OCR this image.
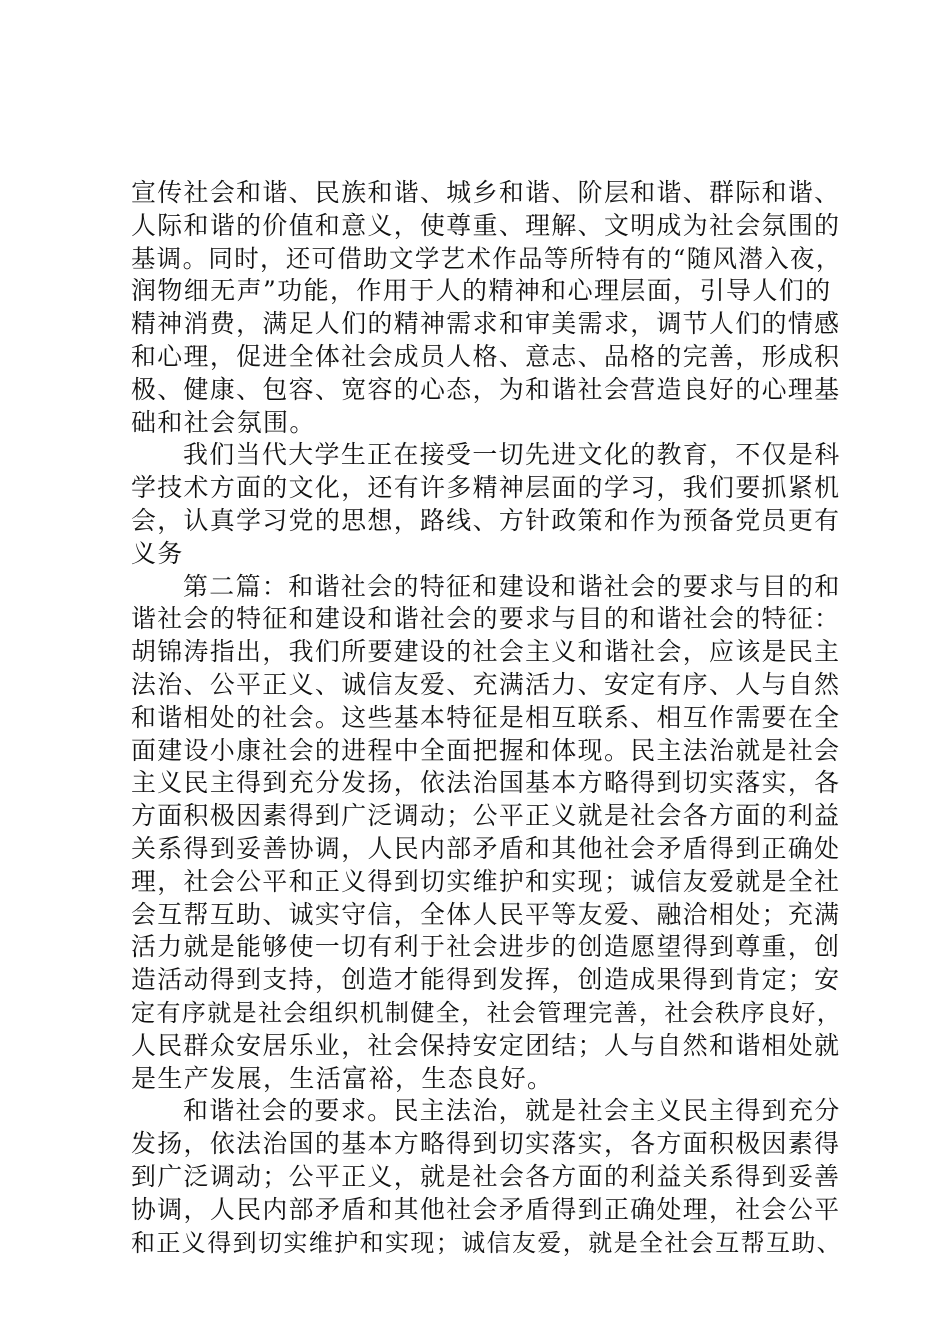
宣传社会和谐、民族和谐、城乡和谐、阶层和谐、群际和谐、
人际和谐的价值和意义，使尊重、理解、文明成为社会氛围的
基调。同时，还可借助文学艺术作品等所特有的“随风潜入夜，
润物细无声”功能，作用于人的精神和心理层面，引导人们的
精神消费，满足人们的精神需求和审美需求，调节人们的情感
和心理，促进全体社会成员人格、意志、品格的完善，形成积
极、健康、包容、宽容的心态，为和谐社会营造良好的心理基
础和社会氛围。
我们当代大学生正在接受一切先进文化的教育，不仅是科
学技术方面的文化，还有许多精神层面的学习，我们要抓紧机
会，认真学习党的思想，路线、方针政策和作为预备党员更有
义务
第二篇：和谐社会的特征和建设和谐社会的要求与目的和
谐社会的特征和建设和谐社会的要求与目的和谐社会的特征：
胡锦涛指出，我们所要建设的社会主义和谐社会，应该是民主
法治、公平正义、诚信友爱、充满活力、安定有序、人与自然
和谐相处的社会。这些基本特征是相互联系、相互作需要在全
面建设小康社会的进程中全面把握和体现。民主法治就是社会
主义民主得到充分发扬，依法治国基本方略得到切实落实，各
方面积极因素得到广泛调动；公平正义就是社会各方面的利益
关系得到妥善协调，人民内部矛盾和其他社会矛盾得到正确处
理，社会公平和正义得到切实维护和实现；诚信友爱就是全社
会互帮互助、诚实守信，全体人民平等友爱、融洽相处；充满
活力就是能够使一切有利于社会进步的创造愿望得到尊重，创
造活动得到支持，创造才能得到发挥，创造成果得到肯定；安
定有序就是社会组织机制健全，社会管理完善，社会秩序良好，
人民群众安居乐业，社会保持安定团结；人与自然和谐相处就
是生产发展，生活富裕，生态良好。
和谐社会的要求。民主法治，就是社会主义民主得到充分
发扬，依法治国的基本方略得到切实落实，各方面积极因素得
到广泛调动；公平正义，就是社会各方面的利益关系得到妥善
协调，人民内部矛盾和其他社会矛盾得到正确处理，社会公平
和正义得到切实维护和实现；诚信友爱，就是全社会互帮互助、
